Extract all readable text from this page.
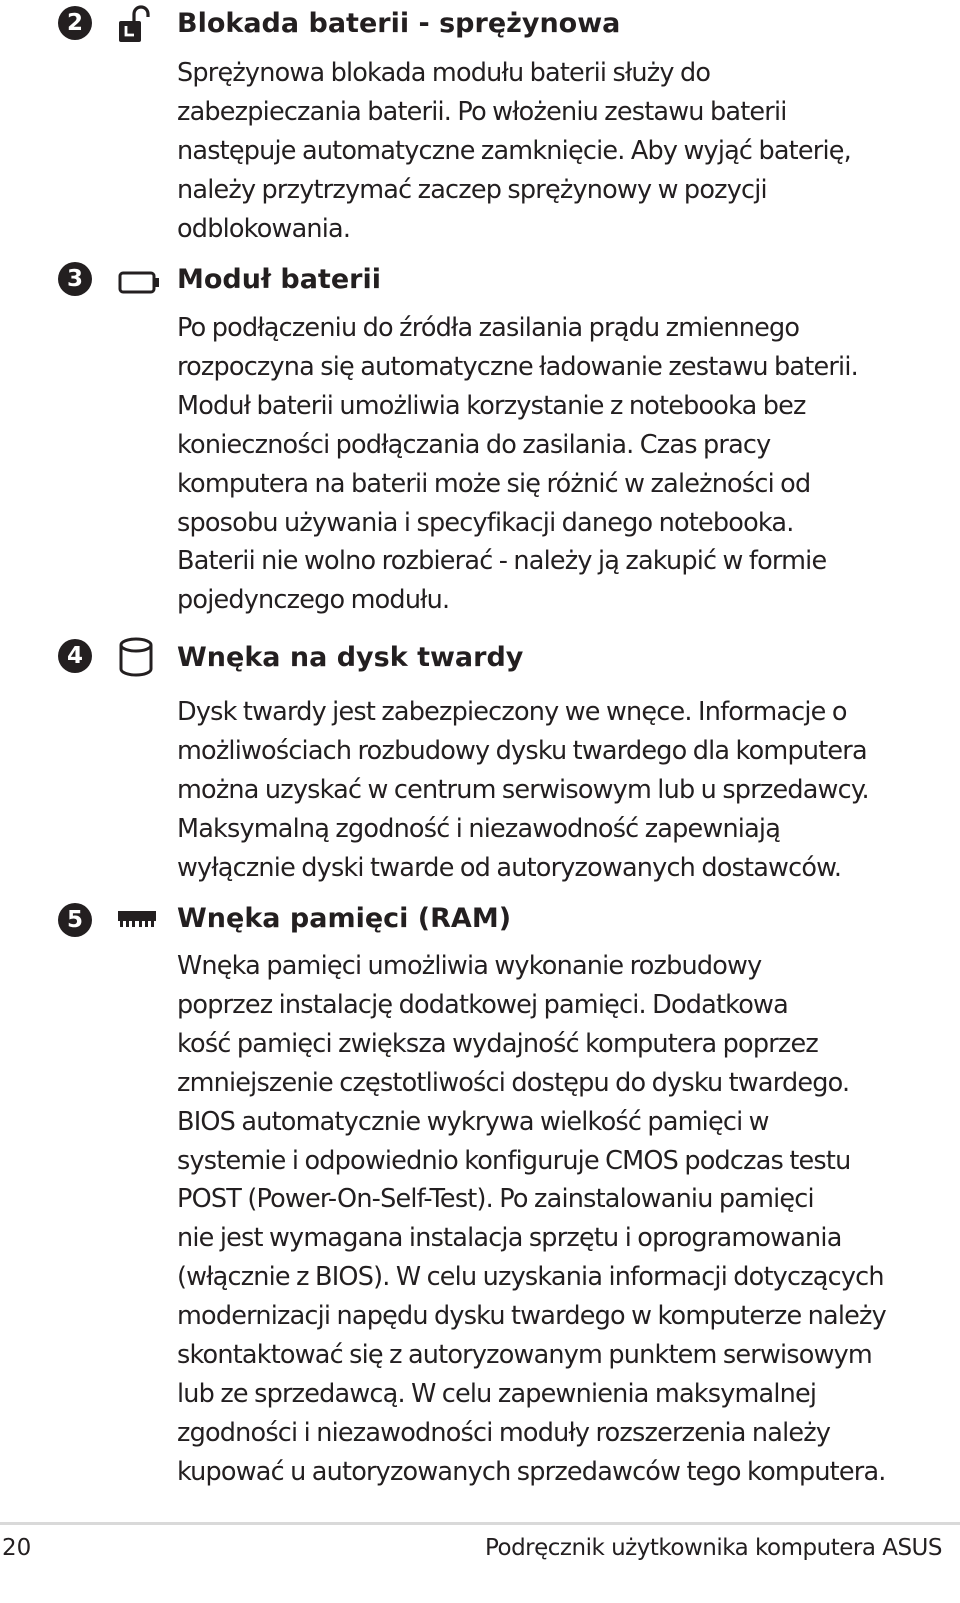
2	Blokada baterii - sprężynowa

Sprężynowa blokada modułu baterii służy do
zabezpieczania baterii. Po włożeniu zestawu baterii
następuje automatyczne zamknięcie. Aby wyjąć baterię,
należy przytrzymać zaczep sprężynowy w pozycji
odblokowania.

3	Moduł baterii

Po podłączeniu do źródła zasilania prądu zmiennego
rozpoczyna się automatyczne ładowanie zestawu baterii.
Moduł baterii umożliwia korzystanie z notebooka bez
konieczności podłączania do zasilania. Czas pracy
komputera na baterii może się różnić w zależności od
sposobu używania i specyfikacji danego notebooka.
Baterii nie wolno rozbierać - należy ją zakupić w formie
pojedynczego modułu.

4	Wnęka na dysk twardy

Dysk twardy jest zabezpieczony we wnęce. Informacje o
możliwościach rozbudowy dysku twardego dla komputera
można uzyskać w centrum serwisowym lub u sprzedawcy.
Maksymalną zgodność i niezawodność zapewniają
wyłącznie dyski twarde od autoryzowanych dostawców.

5	Wnęka pamięci (RAM)

Wnęka pamięci umożliwia wykonanie rozbudowy
poprzez instalację dodatkowej pamięci. Dodatkowa
kość pamięci zwiększa wydajność komputera poprzez
zmniejszenie częstotliwości dostępu do dysku twardego.
BIOS automatycznie wykrywa wielkość pamięci w
systemie i odpowiednio konfiguruje CMOS podczas testu
POST (Power-On-Self-Test). Po zainstalowaniu pamięci
nie jest wymagana instalacja sprzętu i oprogramowania
(włącznie z BIOS). W celu uzyskania informacji dotyczących
modernizacji napędu dysku twardego w komputerze należy
skontaktować się z autoryzowanym punktem serwisowym
lub ze sprzedawcą. W celu zapewnienia maksymalnej
zgodności i niezawodności moduły rozszerzenia należy
kupować u autoryzowanych sprzedawców tego komputera.

20	Podręcznik użytkownika komputera ASUS
